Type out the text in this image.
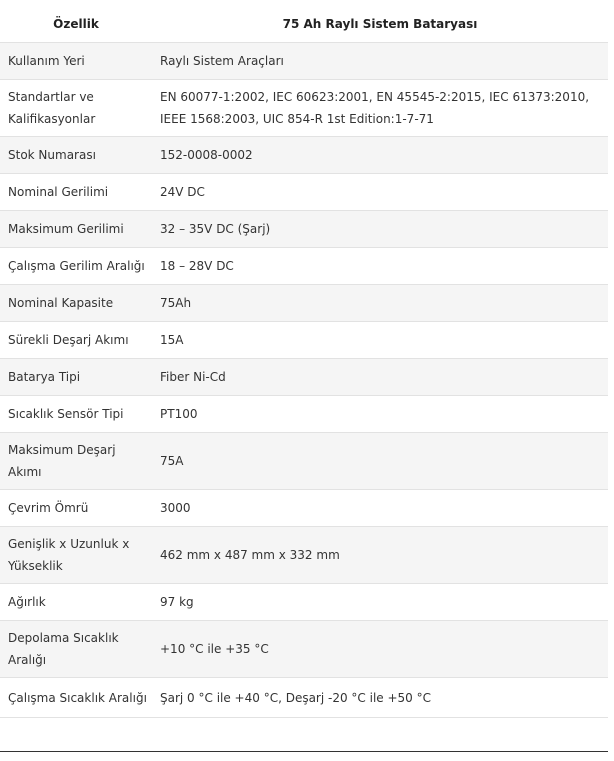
Özellik	75 Ah Raylı Sistem Bataryası
Kullanım Yeri	Raylı Sistem Araçları
Standartlar ve Kalifikasyonlar	EN 60077-1:2002, IEC 60623:2001, EN 45545-2:2015, IEC 61373:2010, IEEE 1568:2003, UIC 854-R 1st Edition:1-7-71
Stok Numarası	152-0008-0002
Nominal Gerilimi	24V DC
Maksimum Gerilimi	32 – 35V DC (Şarj)
Çalışma Gerilim Aralığı	18 – 28V DC
Nominal Kapasite	75Ah
Sürekli Deşarj Akımı	15A
Batarya Tipi	Fiber Ni-Cd
Sıcaklık Sensör Tipi	PT100
Maksimum Deşarj Akımı	75A
Çevrim Ömrü	3000
Genişlik x Uzunluk x Yükseklik	462 mm x 487 mm x 332 mm
Ağırlık	97 kg
Depolama Sıcaklık Aralığı	+10 °C ile +35 °C
Çalışma Sıcaklık Aralığı	Şarj 0 °C ile +40 °C, Deşarj -20 °C ile +50 °C
